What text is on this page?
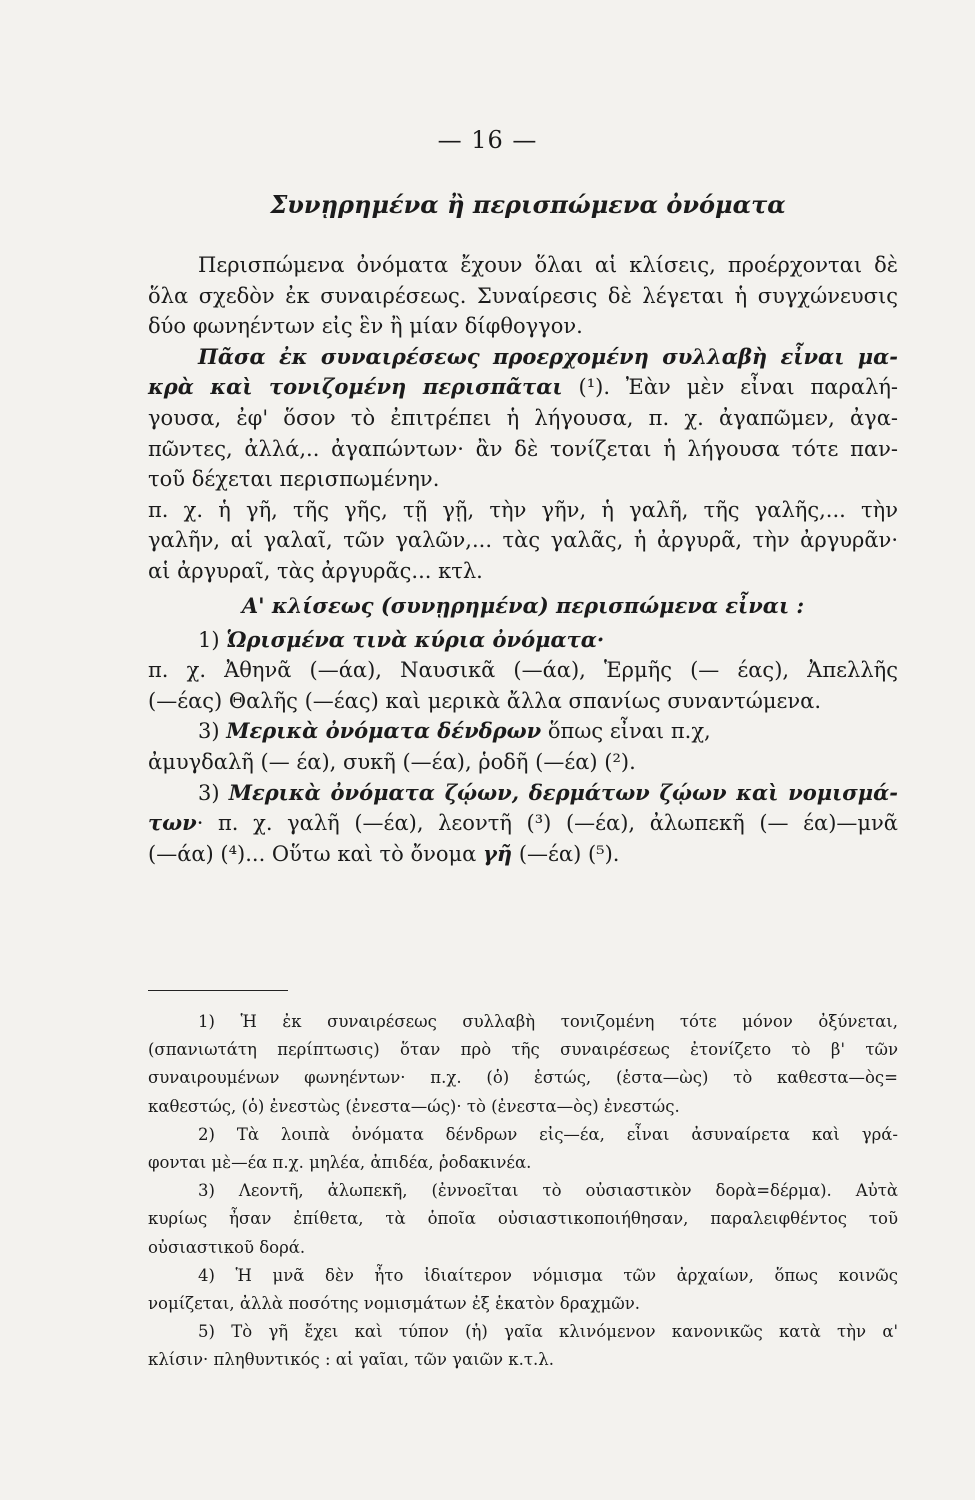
— 16 —
Συνῃρημένα ἢ περισπώμενα ὀνόματα
Περισπώμενα ὀνόματα ἔχουν ὅλαι αἱ κλίσεις, προέρχονται δὲ
ὅλα σχεδὸν ἐκ συναιρέσεως. Συναίρεσις δὲ λέγεται ἡ συγχώνευσις
δύο φωνηέντων εἰς ἓν ἢ μίαν δίφθογγον.
Πᾶσα ἐκ συναιρέσεως προερχομένη συλλαβὴ εἶναι μα-
κρὰ καὶ τονιζομένη περισπᾶται (¹). Ἐὰν μὲν εἶναι παραλή-
γουσα, ἐφ' ὅσον τὸ ἐπιτρέπει ἡ λήγουσα, π. χ. ἀγαπῶμεν, ἀγα-
πῶντες, ἀλλά,.. ἀγαπώντων· ἂν δὲ τονίζεται ἡ λήγουσα τότε παν-
τοῦ δέχεται περισπωμένην.
π. χ. ἡ γῆ, τῆς γῆς, τῇ γῇ, τὴν γῆν, ἡ γαλῆ, τῆς γαλῆς,... τὴν
γαλῆν, αἱ γαλαῖ, τῶν γαλῶν,... τὰς γαλᾶς, ἡ ἀργυρᾶ, τὴν ἀργυρᾶν·
αἱ ἀργυραῖ, τὰς ἀργυρᾶς... κτλ.
Α' κλίσεως (συνῃρημένα) περισπώμενα εἶναι :
1) Ὡρισμένα τινὰ κύρια ὀνόματα·
π. χ. Ἀθηνᾶ (—άα), Ναυσικᾶ (—άα), Ἑρμῆς (— έας), Ἀπελλῆς
(—έας) Θαλῆς (—έας) καὶ μερικὰ ἄλλα σπανίως συναντώμενα.
3) Μερικὰ ὀνόματα δένδρων ὅπως εἶναι π.χ,
ἀμυγδαλῆ (— έα), συκῆ (—έα), ῥοδῆ (—έα) (²).
3) Μερικὰ ὀνόματα ζῴων, δερμάτων ζῴων καὶ νομισμά-
των· π. χ. γαλῆ (—έα), λεοντῆ (³) (—έα), ἀλωπεκῆ (— έα)—μνᾶ
(—άα) (⁴)... Οὕτω καὶ τὸ ὄνομα γῆ (—έα) (⁵).
1) Ἡ ἐκ συναιρέσεως συλλαβὴ τονιζομένη τότε μόνον ὀξύνεται,
(σπανιωτάτη περίπτωσις) ὅταν πρὸ τῆς συναιρέσεως ἐτονίζετο τὸ β' τῶν
συναιρουμένων φωνηέντων· π.χ. (ὁ) ἑστώς, (ἑστα—ὼς) τὸ καθεστα—ὸς=
καθεστώς, (ὁ) ἐνεστὼς (ἐνεστα—ώς)· τὸ (ἐνεστα—ὸς) ἐνεστώς.
2) Τὰ λοιπὰ ὀνόματα δένδρων εἰς—έα, εἶναι ἀσυναίρετα καὶ γρά-
φονται μὲ—έα π.χ. μηλέα, ἀπιδέα, ῥοδακινέα.
3) Λεοντῆ, ἀλωπεκῆ, (ἐννοεῖται τὸ οὐσιαστικὸν δορὰ=δέρμα). Αὐτὰ
κυρίως ἦσαν ἐπίθετα, τὰ ὁποῖα οὐσιαστικοποιήθησαν, παραλειφθέντος τοῦ
οὐσιαστικοῦ δορά.
4) Ἡ μνᾶ δὲν ἦτο ἰδιαίτερον νόμισμα τῶν ἀρχαίων, ὅπως κοινῶς
νομίζεται, ἀλλὰ ποσότης νομισμάτων ἐξ ἑκατὸν δραχμῶν.
5) Τὸ γῆ ἔχει καὶ τύπον (ἡ) γαῖα κλινόμενον κανονικῶς κατὰ τὴν α'
κλίσιν· πληθυντικός : αἱ γαῖαι, τῶν γαιῶν κ.τ.λ.
